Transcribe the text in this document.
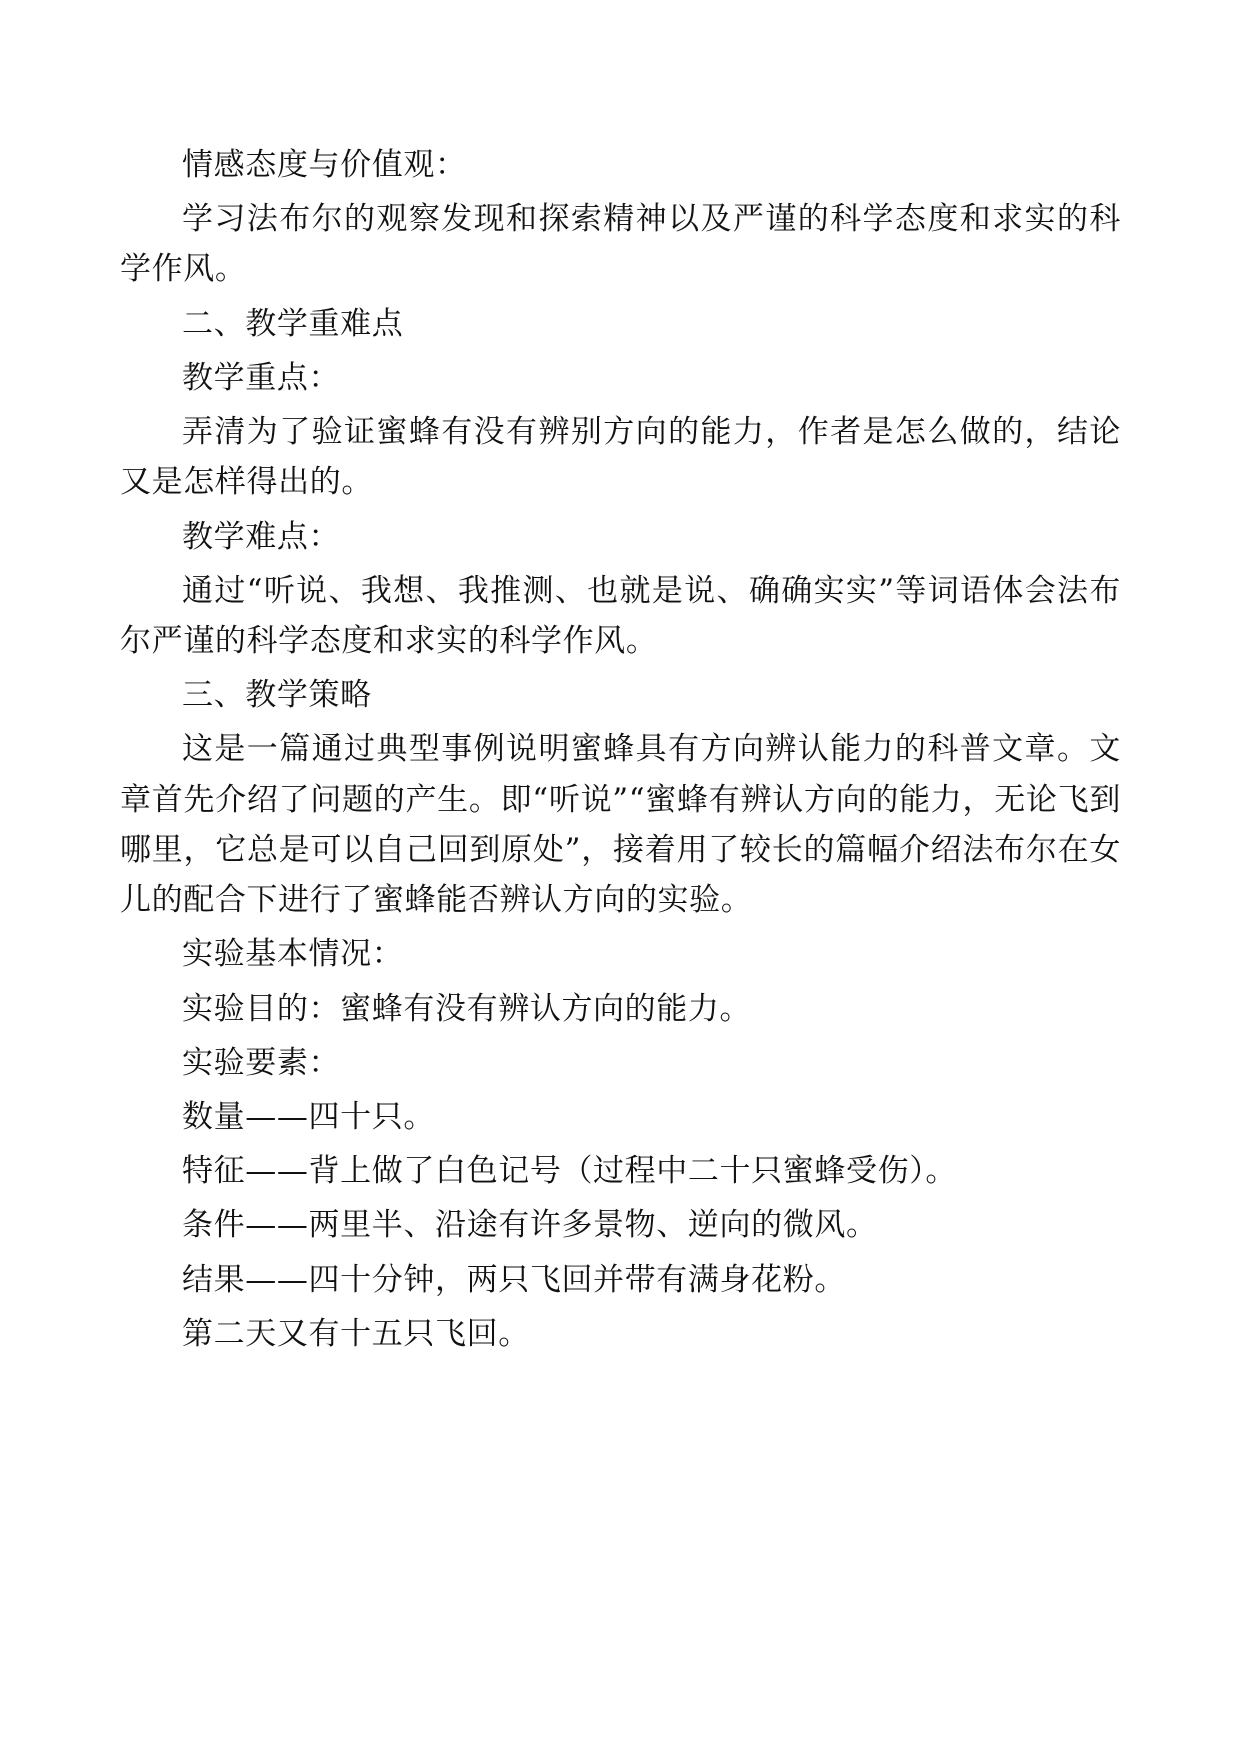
情感态度与价值观：

学习法布尔的观察发现和探索精神以及严谨的科学态度和求实的科学作风。

二、教学重难点

教学重点：

弄清为了验证蜜蜂有没有辨别方向的能力，作者是怎么做的，结论又是怎样得出的。

教学难点：

通过“听说、我想、我推测、也就是说、确确实实”等词语体会法布尔严谨的科学态度和求实的科学作风。

三、教学策略

这是一篇通过典型事例说明蜜蜂具有方向辨认能力的科普文章。文章首先介绍了问题的产生。即“听说”“蜜蜂有辨认方向的能力，无论飞到哪里，它总是可以自己回到原处”，接着用了较长的篇幅介绍法布尔在女儿的配合下进行了蜜蜂能否辨认方向的实验。

实验基本情况：

实验目的：蜜蜂有没有辨认方向的能力。

实验要素：

数量——四十只。

特征——背上做了白色记号（过程中二十只蜜蜂受伤）。

条件——两里半、沿途有许多景物、逆向的微风。

结果——四十分钟，两只飞回并带有满身花粉。

第二天又有十五只飞回。
